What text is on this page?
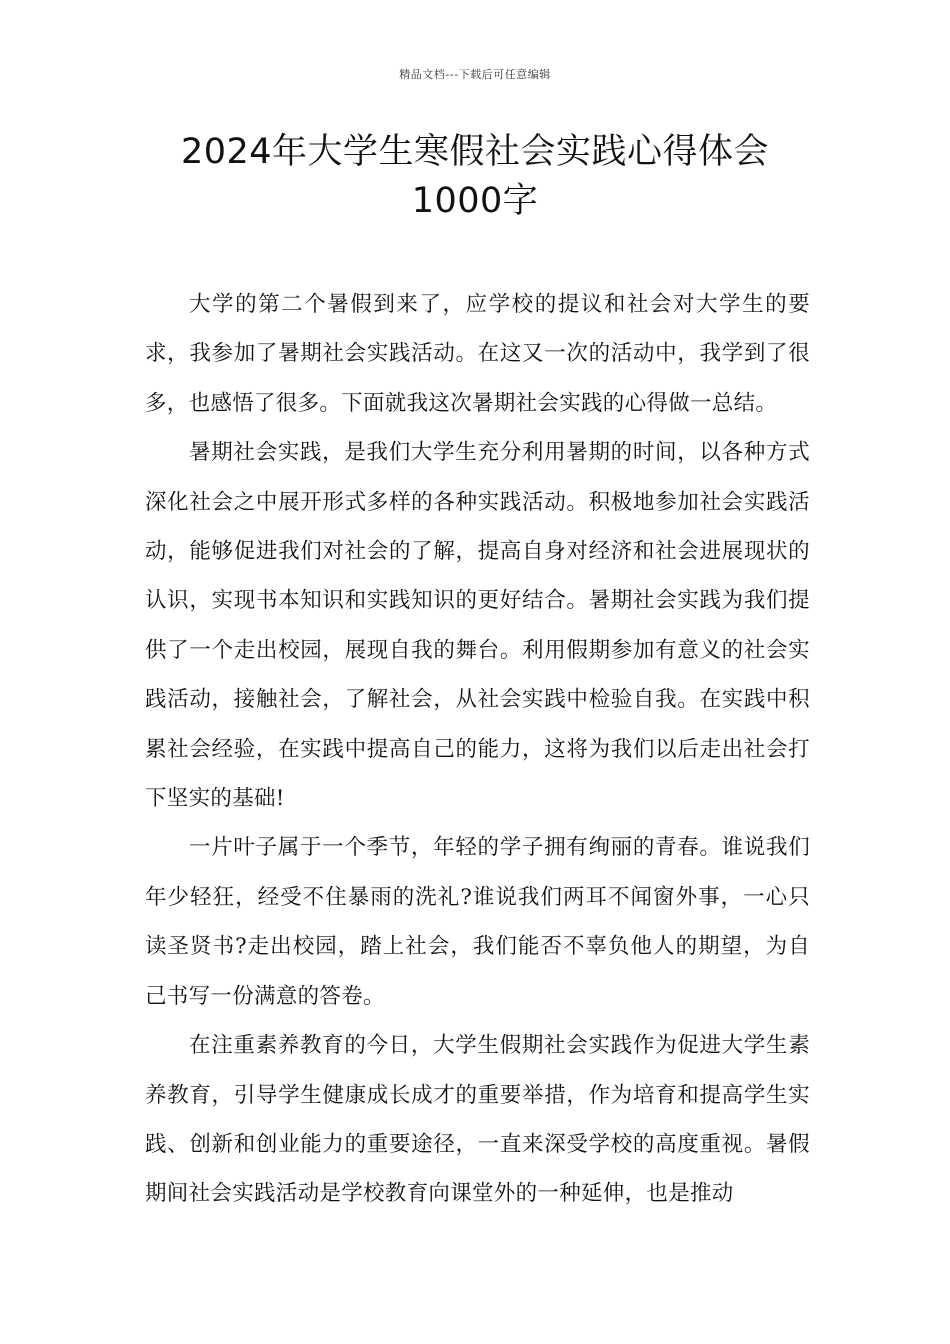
精品文档---下载后可任意编辑
2024年大学生寒假社会实践心得体会1000字

大学的第二个暑假到来了，应学校的提议和社会对大学生的要求，我参加了暑期社会实践活动。在这又一次的活动中，我学到了很多，也感悟了很多。下面就我这次暑期社会实践的心得做一总结。

暑期社会实践，是我们大学生充分利用暑期的时间，以各种方式深化社会之中展开形式多样的各种实践活动。积极地参加社会实践活动，能够促进我们对社会的了解，提高自身对经济和社会进展现状的认识，实现书本知识和实践知识的更好结合。暑期社会实践为我们提供了一个走出校园，展现自我的舞台。利用假期参加有意义的社会实践活动，接触社会，了解社会，从社会实践中检验自我。在实践中积累社会经验，在实践中提高自己的能力，这将为我们以后走出社会打下坚实的基础!

一片叶子属于一个季节，年轻的学子拥有绚丽的青春。谁说我们年少轻狂，经受不住暴雨的洗礼?谁说我们两耳不闻窗外事，一心只读圣贤书?走出校园，踏上社会，我们能否不辜负他人的期望，为自己书写一份满意的答卷。

在注重素养教育的今日，大学生假期社会实践作为促进大学生素养教育，引导学生健康成长成才的重要举措，作为培育和提高学生实践、创新和创业能力的重要途径，一直来深受学校的高度重视。暑假期间社会实践活动是学校教育向课堂外的一种延伸，也是推动
